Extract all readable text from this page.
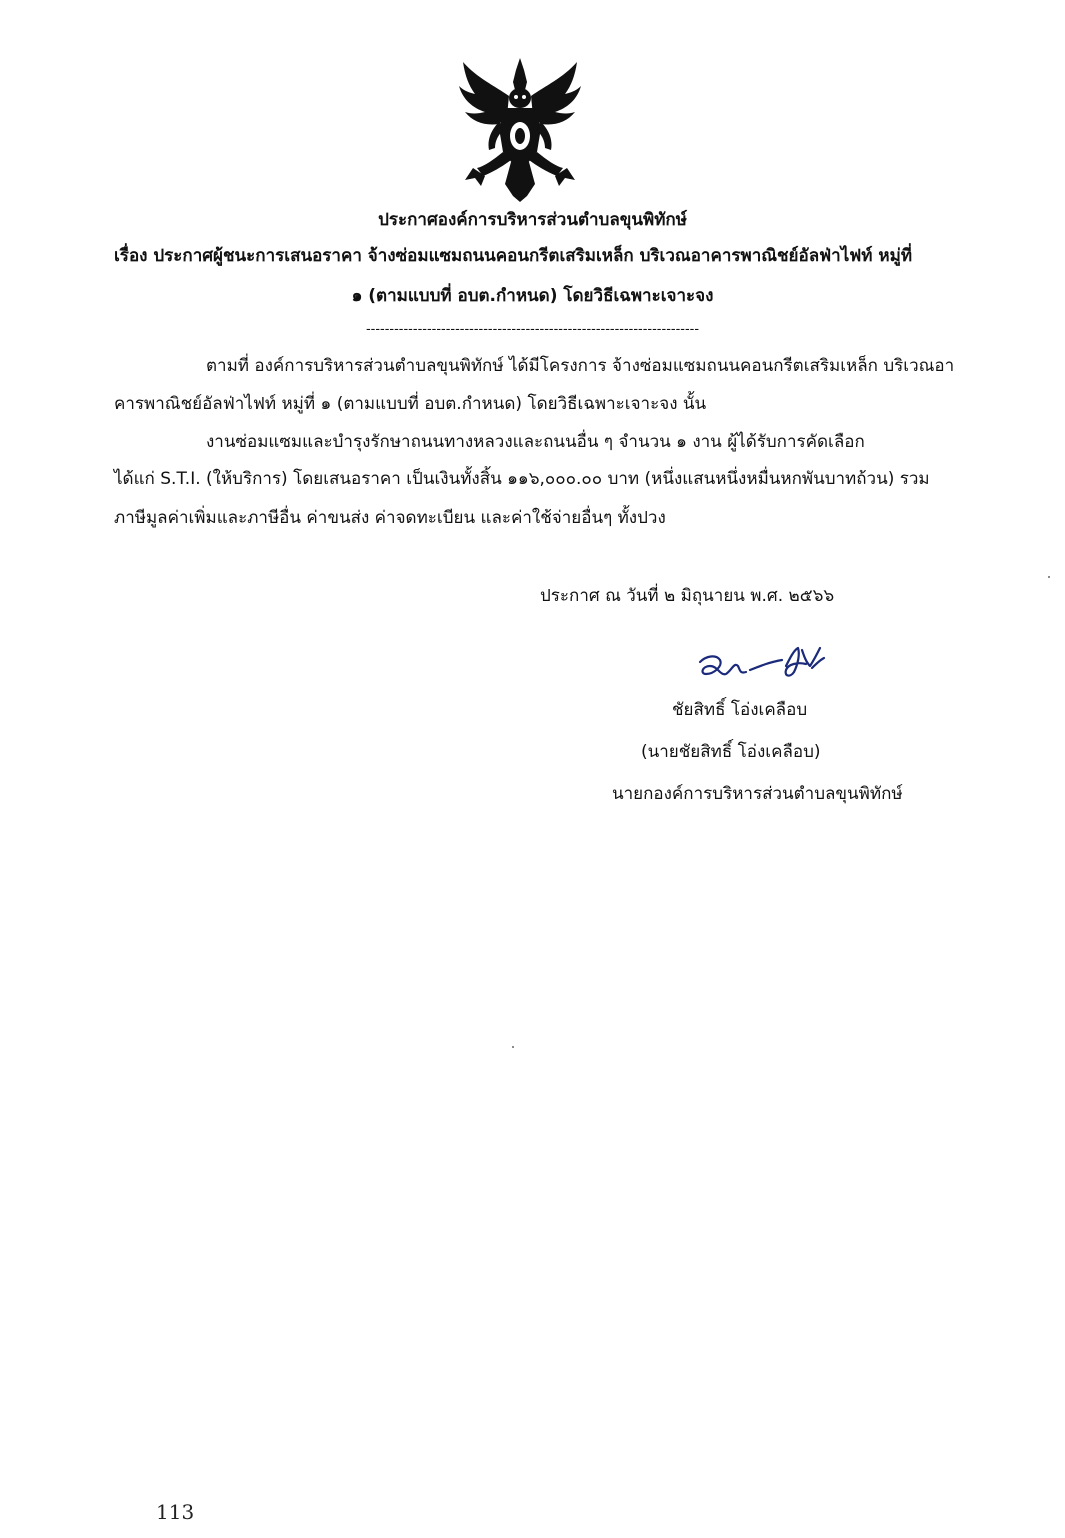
ประกาศองค์การบริหารส่วนตำบลขุนพิทักษ์
เรื่อง ประกาศผู้ชนะการเสนอราคา จ้างซ่อมแซมถนนคอนกรีตเสริมเหล็ก บริเวณอาคารพาณิชย์อัลฟ่าไฟท์ หมู่ที่
๑ (ตามแบบที่ อบต.กำหนด) โดยวิธีเฉพาะเจาะจง
-----------------------------------------------------------------------
ตามที่ องค์การบริหารส่วนตำบลขุนพิทักษ์ ได้มีโครงการ จ้างซ่อมแซมถนนคอนกรีตเสริมเหล็ก บริเวณอา
คารพาณิชย์อัลฟ่าไฟท์ หมู่ที่ ๑ (ตามแบบที่ อบต.กำหนด) โดยวิธีเฉพาะเจาะจง นั้น
งานซ่อมแซมและบำรุงรักษาถนนทางหลวงและถนนอื่น ๆ จำนวน ๑ งาน ผู้ได้รับการคัดเลือก
ได้แก่ S.T.I. (ให้บริการ) โดยเสนอราคา เป็นเงินทั้งสิ้น ๑๑๖,๐๐๐.๐๐ บาท (หนึ่งแสนหนึ่งหมื่นหกพันบาทถ้วน) รวม
ภาษีมูลค่าเพิ่มและภาษีอื่น ค่าขนส่ง ค่าจดทะเบียน และค่าใช้จ่ายอื่นๆ ทั้งปวง
ประกาศ ณ วันที่ ๒ มิถุนายน พ.ศ. ๒๕๖๖
ชัยสิทธิ์ โอ่งเคลือบ
(นายชัยสิทธิ์ โอ่งเคลือบ)
นายกองค์การบริหารส่วนตำบลขุนพิทักษ์
113
